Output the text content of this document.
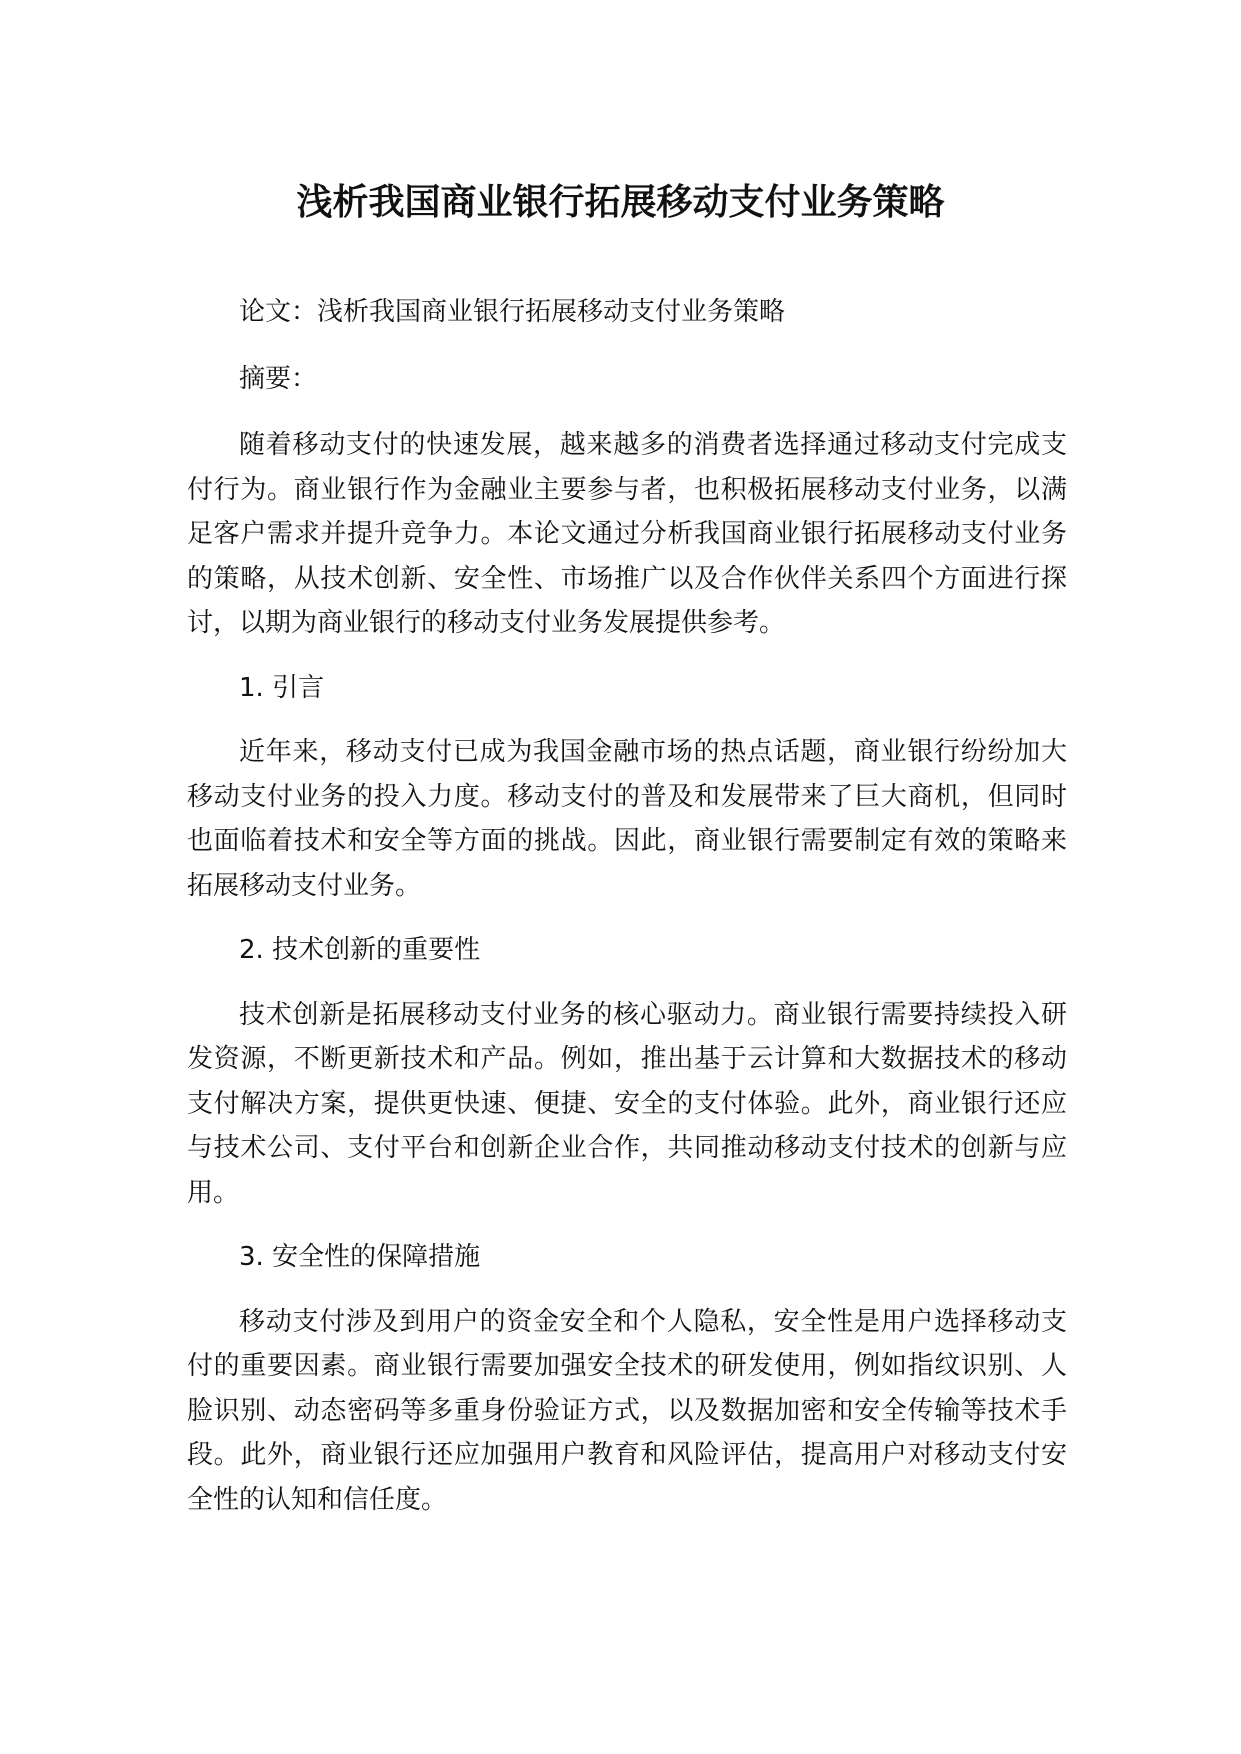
浅析我国商业银行拓展移动支付业务策略

论文：浅析我国商业银行拓展移动支付业务策略

摘要：

随着移动支付的快速发展，越来越多的消费者选择通过移动支付完成支付行为。商业银行作为金融业主要参与者，也积极拓展移动支付业务，以满足客户需求并提升竞争力。本论文通过分析我国商业银行拓展移动支付业务的策略，从技术创新、安全性、市场推广以及合作伙伴关系四个方面进行探讨，以期为商业银行的移动支付业务发展提供参考。

1. 引言

近年来，移动支付已成为我国金融市场的热点话题，商业银行纷纷加大移动支付业务的投入力度。移动支付的普及和发展带来了巨大商机，但同时也面临着技术和安全等方面的挑战。因此，商业银行需要制定有效的策略来拓展移动支付业务。

2. 技术创新的重要性

技术创新是拓展移动支付业务的核心驱动力。商业银行需要持续投入研发资源，不断更新技术和产品。例如，推出基于云计算和大数据技术的移动支付解决方案，提供更快速、便捷、安全的支付体验。此外，商业银行还应与技术公司、支付平台和创新企业合作，共同推动移动支付技术的创新与应用。

3. 安全性的保障措施

移动支付涉及到用户的资金安全和个人隐私，安全性是用户选择移动支付的重要因素。商业银行需要加强安全技术的研发使用，例如指纹识别、人脸识别、动态密码等多重身份验证方式，以及数据加密和安全传输等技术手段。此外，商业银行还应加强用户教育和风险评估，提高用户对移动支付安全性的认知和信任度。
